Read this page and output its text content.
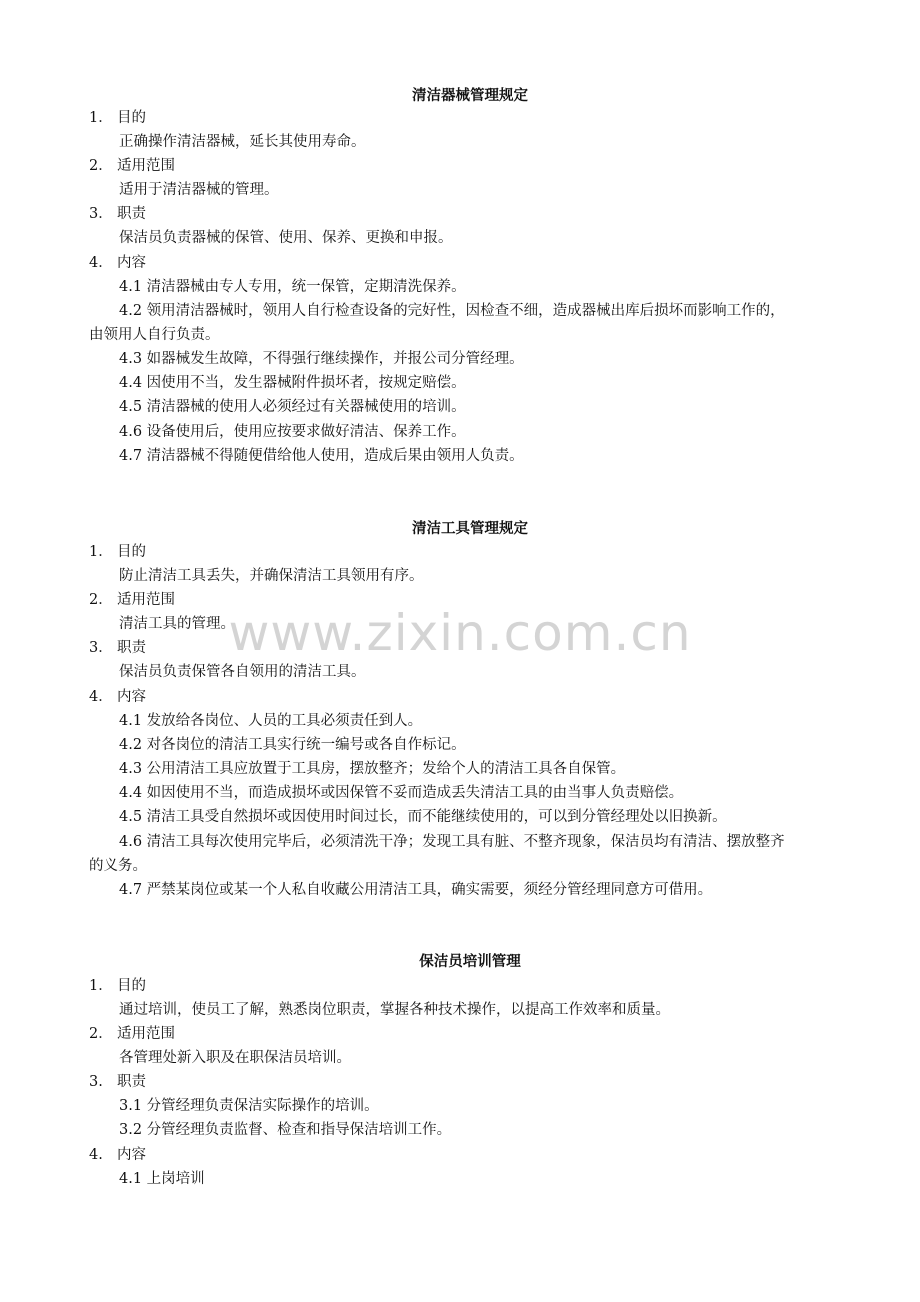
清洁器械管理规定
1． 目的
正确操作清洁器械，延长其使用寿命。
2． 适用范围
适用于清洁器械的管理。
3． 职责
保洁员负责器械的保管、使用、保养、更换和申报。
4． 内容
4.1 清洁器械由专人专用，统一保管，定期清洗保养。
4.2 领用清洁器械时，领用人自行检查设备的完好性，因检查不细，造成器械出库后损坏而影响工作的，
由领用人自行负责。
4.3 如器械发生故障，不得强行继续操作，并报公司分管经理。
4.4 因使用不当，发生器械附件损坏者，按规定赔偿。
4.5 清洁器械的使用人必须经过有关器械使用的培训。
4.6 设备使用后，使用应按要求做好清洁、保养工作。
4.7 清洁器械不得随便借给他人使用，造成后果由领用人负责。
清洁工具管理规定
1． 目的
防止清洁工具丢失，并确保清洁工具领用有序。
2． 适用范围
清洁工具的管理。
3． 职责
保洁员负责保管各自领用的清洁工具。
4． 内容
4.1 发放给各岗位、人员的工具必须责任到人。
4.2 对各岗位的清洁工具实行统一编号或各自作标记。
4.3 公用清洁工具应放置于工具房，摆放整齐；发给个人的清洁工具各自保管。
4.4 如因使用不当，而造成损坏或因保管不妥而造成丢失清洁工具的由当事人负责赔偿。
4.5 清洁工具受自然损坏或因使用时间过长，而不能继续使用的，可以到分管经理处以旧换新。
4.6 清洁工具每次使用完毕后，必须清洗干净；发现工具有脏、不整齐现象，保洁员均有清洁、摆放整齐
的义务。
4.7 严禁某岗位或某一个人私自收藏公用清洁工具，确实需要，须经分管经理同意方可借用。
保洁员培训管理
1． 目的
通过培训，使员工了解，熟悉岗位职责，掌握各种技术操作，以提高工作效率和质量。
2． 适用范围
各管理处新入职及在职保洁员培训。
3. 职责
3.1 分管经理负责保洁实际操作的培训。
3.2 分管经理负责监督、检查和指导保洁培训工作。
4. 内容
4.1 上岗培训
www.zixin.com.cn
